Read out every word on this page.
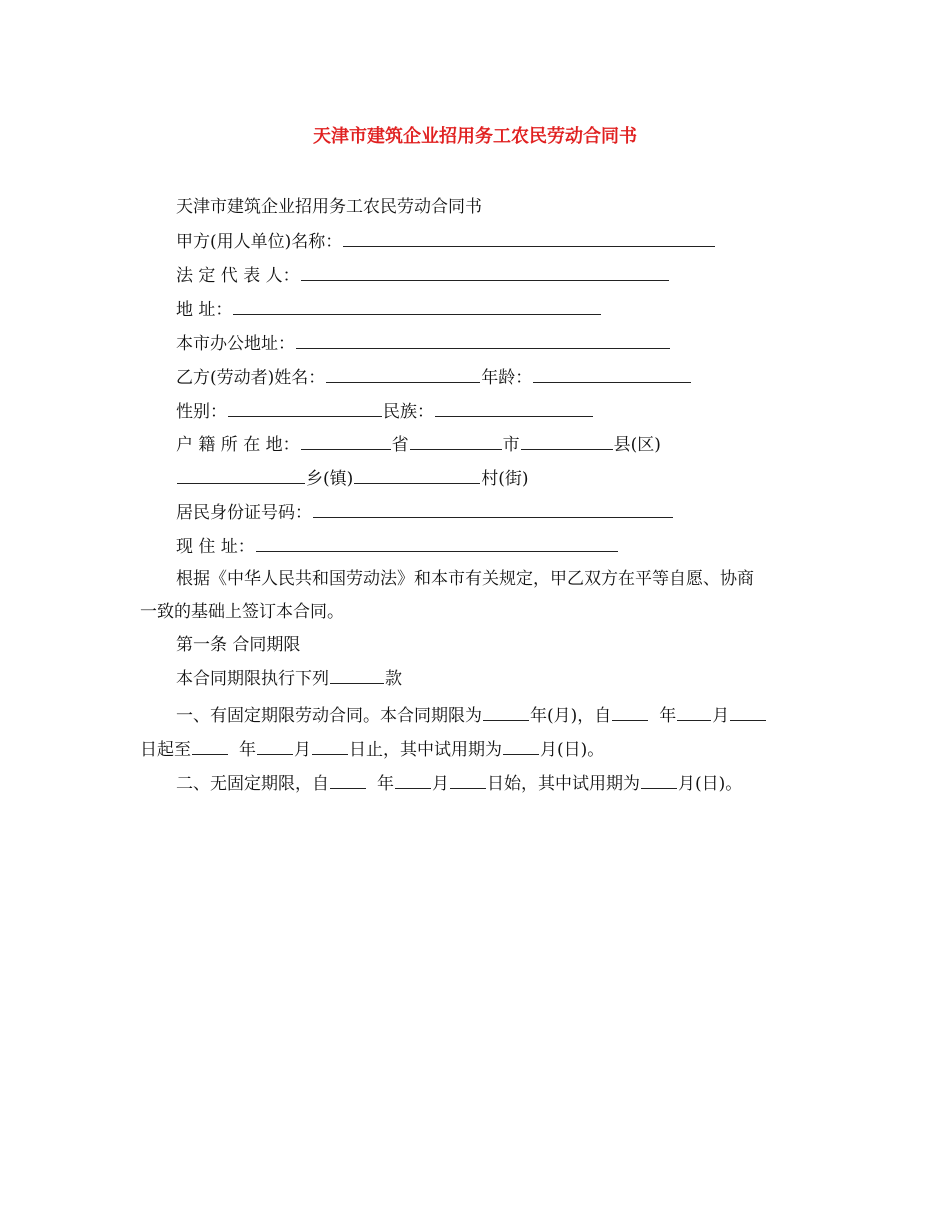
天津市建筑企业招用务工农民劳动合同书
天津市建筑企业招用务工农民劳动合同书
甲方(用人单位)名称：
法 定 代 表 人：
地 址：
本市办公地址：
乙方(劳动者)姓名：	年龄：
性别：	民族：
户 籍 所 在 地：	省	市	县(区)
乡(镇)	村(街)
居民身份证号码：
现 住 址：
根据《中华人民共和国劳动法》和本市有关规定，甲乙双方在平等自愿、协商
一致的基础上签订本合同。
第一条 合同期限
本合同期限执行下列	款
一、有固定期限劳动合同。本合同期限为	年(月)，自	年 月
日起至	年 月 日止，其中试用期为 月(日)。
二、无固定期限，自	年 月 日始，其中试用期为 月(日)。
